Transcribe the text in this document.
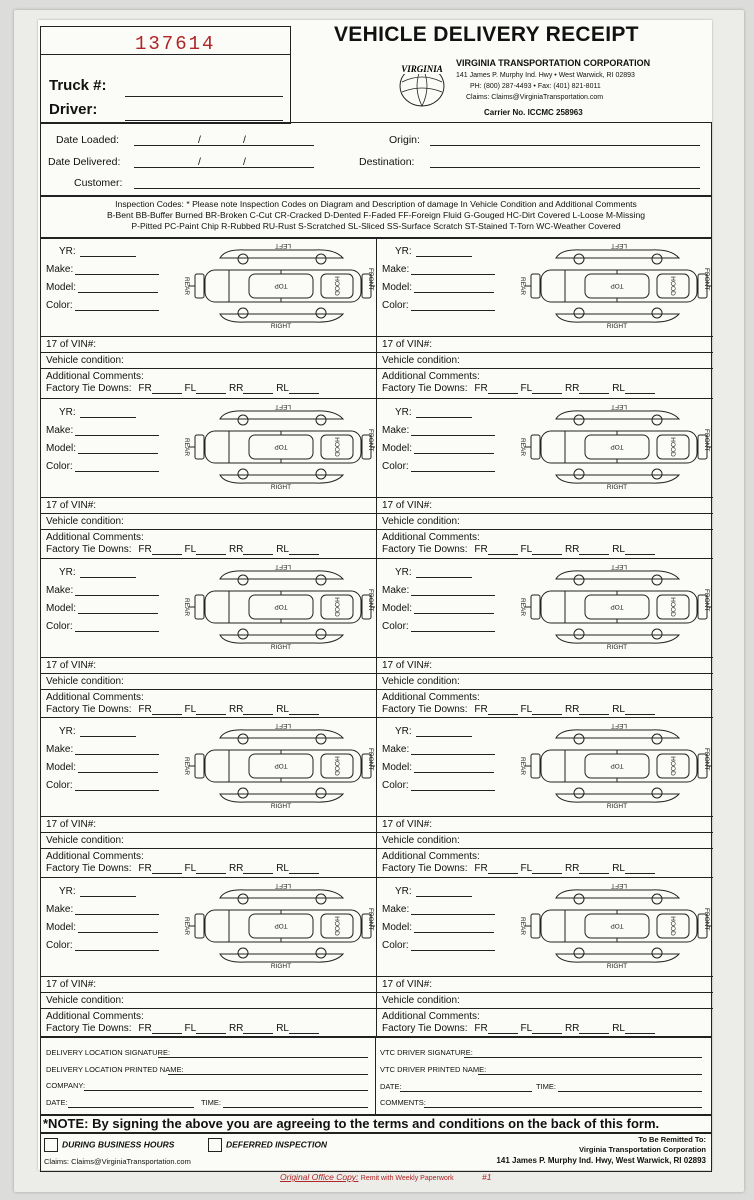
137614
Truck #:
Driver:
VEHICLE DELIVERY RECEIPT
VIRGINIA
VIRGINIA TRANSPORTATION CORPORATION
141 James P. Murphy Ind. Hwy • West Warwick, RI 02893
PH: (800) 287-4493 • Fax: (401) 821-8011
Claims: Claims@VirginiaTransportation.com
Carrier No. ICCMC 258963
Date Loaded:	/	/	Origin:
Date Delivered:	/	/	Destination:
Customer:
Inspection Codes: * Please note Inspection Codes on Diagram and Description of damage In Vehicle Condition and Additional Comments
B-Bent BB-Buffer Burned BR-Broken C-Cut CR-Cracked D-Dented F-Faded FF-Foreign Fluid G-Gouged HC-Dirt Covered L-Loose M-Missing
P-Pitted PC-Paint Chip R-Rubbed RU-Rust S-Scratched SL-Sliced SS-Surface Scratch ST-Stained T-Torn WC-Weather Covered
YR:
Make:
Model:
Color:
LEFT
TOP	HOOD
REAR
RIGHT
FRONT
17 of VIN#:
Vehicle condition:
Additional Comments:
Factory Tie Downs: FR	FL	RR	RL
YR:
Make:
Model:
Color:
LEFT
TOP	HOOD
REAR
RIGHT
FRONT
17 of VIN#:
Vehicle condition:
Additional Comments:
Factory Tie Downs: FR	FL	RR	RL
YR:
Make:
Model:
Color:
LEFT
TOP	HOOD
REAR
RIGHT
FRONT
17 of VIN#:
Vehicle condition:
Additional Comments:
Factory Tie Downs: FR	FL	RR	RL
YR:
Make:
Model:
Color:
LEFT
TOP	HOOD
REAR
RIGHT
FRONT
17 of VIN#:
Vehicle condition:
Additional Comments:
Factory Tie Downs: FR	FL	RR	RL
YR:
Make:
Model:
Color:
LEFT
TOP	HOOD
REAR
RIGHT
FRONT
17 of VIN#:
Vehicle condition:
Additional Comments:
Factory Tie Downs: FR	FL	RR	RL
YR:
Make:
Model:
Color:
LEFT
TOP	HOOD
REAR
RIGHT
FRONT
17 of VIN#:
Vehicle condition:
Additional Comments:
Factory Tie Downs: FR	FL	RR	RL
YR:
Make:
Model:
Color:
LEFT
TOP	HOOD
REAR
RIGHT
FRONT
17 of VIN#:
Vehicle condition:
Additional Comments:
Factory Tie Downs: FR	FL	RR	RL
YR:
Make:
Model:
Color:
LEFT
TOP	HOOD
REAR
RIGHT
FRONT
17 of VIN#:
Vehicle condition:
Additional Comments:
Factory Tie Downs: FR	FL	RR	RL
YR:
Make:
Model:
Color:
LEFT
TOP	HOOD
REAR
RIGHT
FRONT
17 of VIN#:
Vehicle condition:
Additional Comments:
Factory Tie Downs: FR	FL	RR	RL
YR:
Make:
Model:
Color:
LEFT
TOP	HOOD
REAR
RIGHT
FRONT
17 of VIN#:
Vehicle condition:
Additional Comments:
Factory Tie Downs: FR	FL	RR	RL
DELIVERY LOCATION SIGNATURE:
DELIVERY LOCATION PRINTED NAME:
COMPANY:
DATE:	TIME:
VTC DRIVER SIGNATURE:
VTC DRIVER PRINTED NAME:
DATE:	TIME:
COMMENTS:
*NOTE: By signing the above you are agreeing to the terms and conditions on the back of this form.
DURING BUSINESS HOURS	DEFERRED INSPECTION
Claims: Claims@VirginiaTransportation.com
To Be Remitted To:
Virginia Transportation Corporation
141 James P. Murphy Ind. Hwy, West Warwick, RI 02893
Original Office Copy: Remit with Weekly Paperwork	#1
